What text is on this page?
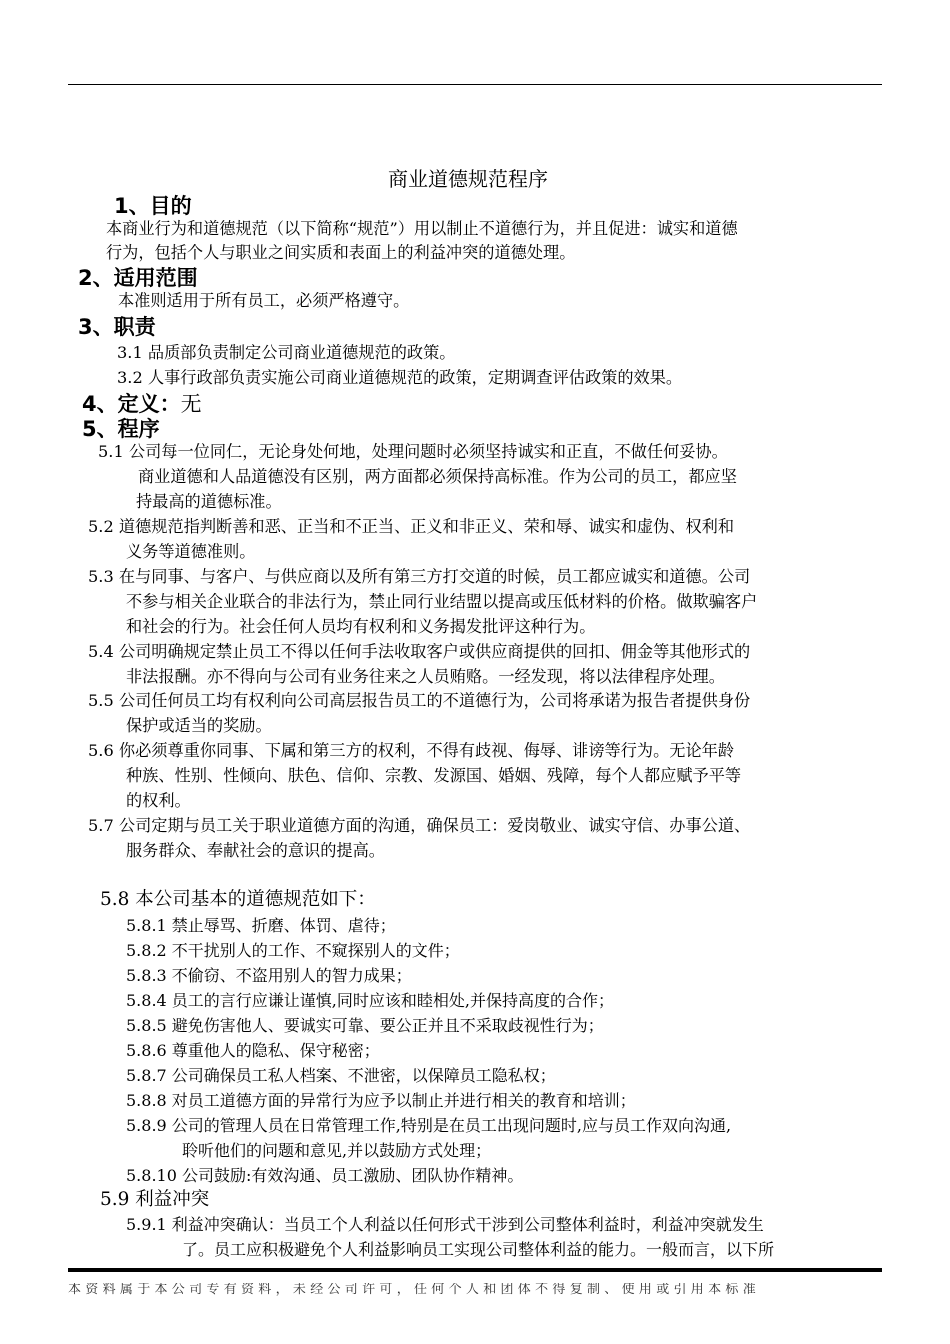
商业道德规范程序
1、目的
本商业行为和道德规范（以下简称“规范”）用以制止不道德行为，并且促进：诚实和道德
行为，包括个人与职业之间实质和表面上的利益冲突的道德处理。
2、适用范围
本准则适用于所有员工，必须严格遵守。
3、职责
3.1 品质部负责制定公司商业道德规范的政策。
3.2 人事行政部负责实施公司商业道德规范的政策，定期调查评估政策的效果。
4、定义：无
5、程序
5.1 公司每一位同仁，无论身处何地，处理问题时必须坚持诚实和正直，不做任何妥协。
商业道德和人品道德没有区别，两方面都必须保持高标准。作为公司的员工，都应坚
持最高的道德标准。
5.2 道德规范指判断善和恶、正当和不正当、正义和非正义、荣和辱、诚实和虚伪、权利和
义务等道德准则。
5.3 在与同事、与客户、与供应商以及所有第三方打交道的时候，员工都应诚实和道德。公司
不参与相关企业联合的非法行为，禁止同行业结盟以提高或压低材料的价格。做欺骗客户
和社会的行为。社会任何人员均有权利和义务揭发批评这种行为。
5.4 公司明确规定禁止员工不得以任何手法收取客户或供应商提供的回扣、佣金等其他形式的
非法报酬。亦不得向与公司有业务往来之人员贿赂。一经发现，将以法律程序处理。
5.5 公司任何员工均有权利向公司高层报告员工的不道德行为，公司将承诺为报告者提供身份
保护或适当的奖励。
5.6 你必须尊重你同事、下属和第三方的权利，不得有歧视、侮辱、诽谤等行为。无论年龄
种族、性别、性倾向、肤色、信仰、宗教、发源国、婚姻、残障，每个人都应赋予平等
的权利。
5.7 公司定期与员工关于职业道德方面的沟通，确保员工：爱岗敬业、诚实守信、办事公道、
服务群众、奉献社会的意识的提高。
5.8 本公司基本的道德规范如下：
5.8.1 禁止辱骂、折磨、体罚、虐待；
5.8.2 不干扰别人的工作、不窥探别人的文件；
5.8.3 不偷窃、不盗用别人的智力成果；
5.8.4 员工的言行应谦让谨慎,同时应该和睦相处,并保持高度的合作；
5.8.5 避免伤害他人、要诚实可靠、要公正并且不采取歧视性行为；
5.8.6 尊重他人的隐私、保守秘密；
5.8.7 公司确保员工私人档案、不泄密，以保障员工隐私权；
5.8.8 对员工道德方面的异常行为应予以制止并进行相关的教育和培训；
5.8.9 公司的管理人员在日常管理工作,特别是在员工出现问题时,应与员工作双向沟通,
聆听他们的问题和意见,并以鼓励方式处理；
5.8.10 公司鼓励:有效沟通、员工激励、团队协作精神。
5.9 利益冲突
5.9.1 利益冲突确认：当员工个人利益以任何形式干涉到公司整体利益时，利益冲突就发生
了。员工应积极避免个人利益影响员工实现公司整体利益的能力。一般而言，以下所
本资料属于本公司专有资料，未经公司许可，任何个人和团体不得复制、使用或引用本标准
